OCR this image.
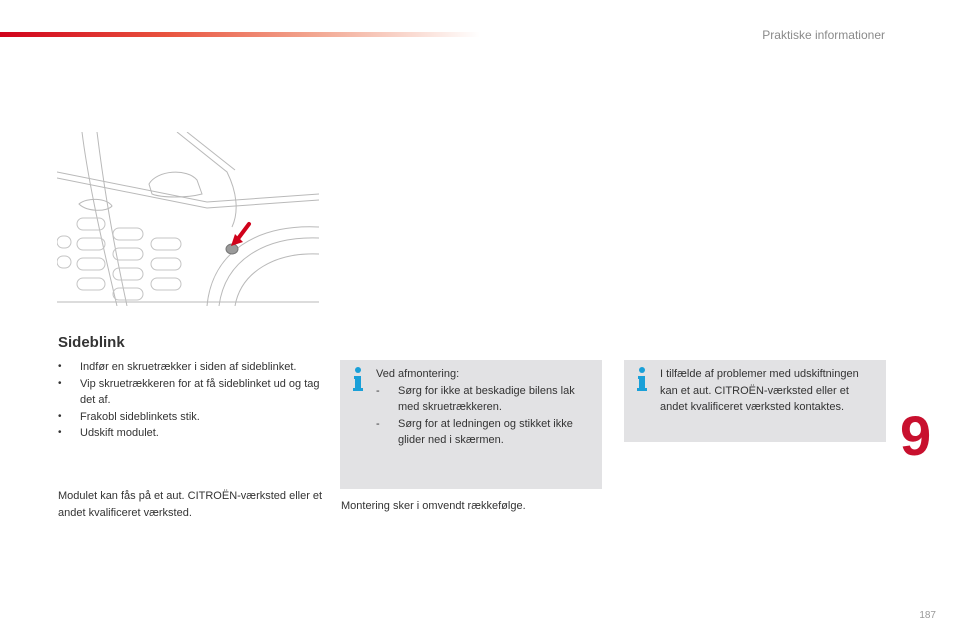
Praktiske informationer
Sideblink
• Indfør en skruetrækker i siden af sideblinket.
• Vip skruetrækkeren for at få sideblinket ud og tag det af.
• Frakobl sideblinkets stik.
• Udskift modulet.
Modulet kan fås på et aut. CITROËN-værksted eller et andet kvalificeret værksted.

Ved afmontering:

- Sørg for ikke at beskadige bilens lak med skruetrækkeren.
- Sørg for at ledningen og stikket ikke glider ned i skærmen.
Montering sker i omvendt rækkefølge.

I tilfælde af problemer med udskiftningen kan et aut. CITROËN-værksted eller et andet kvalificeret værksted kontaktes. 9
187
